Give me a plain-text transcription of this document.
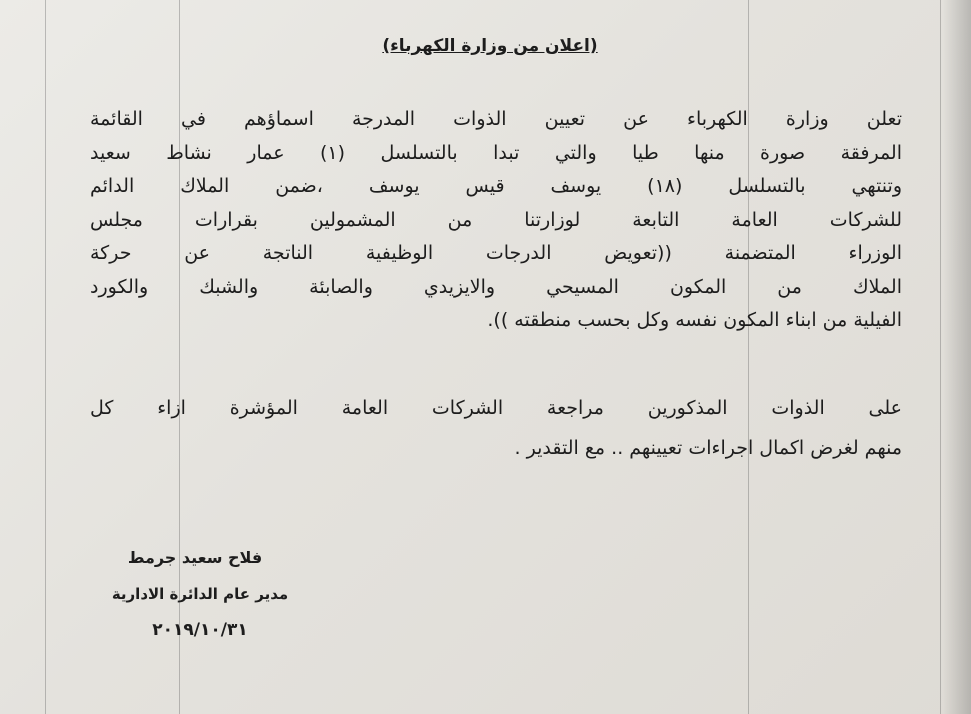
(اعلان من وزارة الكهرباء)
تعلن وزارة الكهرباء عن تعيين الذوات المدرجة اسماؤهم في القائمة
المرفقة صورة منها طيا والتي تبدا بالتسلسل (١) عمار نشاط سعيد
وتنتهي بالتسلسل (١٨) يوسف قيس يوسف ،ضمن الملاك الدائم
للشركات العامة التابعة لوزارتنا من المشمولين بقرارات مجلس
الوزراء المتضمنة ((تعويض الدرجات الوظيفية الناتجة عن حركة
الملاك من المكون المسيحي والايزيدي والصابئة والشبك والكورد
الفيلية من ابناء المكون نفسه وكل بحسب منطقته )).
على الذوات المذكورين مراجعة الشركات العامة المؤشرة ازاء كل
منهم لغرض اكمال اجراءات تعيينهم .. مع التقدير .
فلاح سعيد جرمط
مدير عام الدائرة الادارية
٢٠١٩/١٠/٣١
